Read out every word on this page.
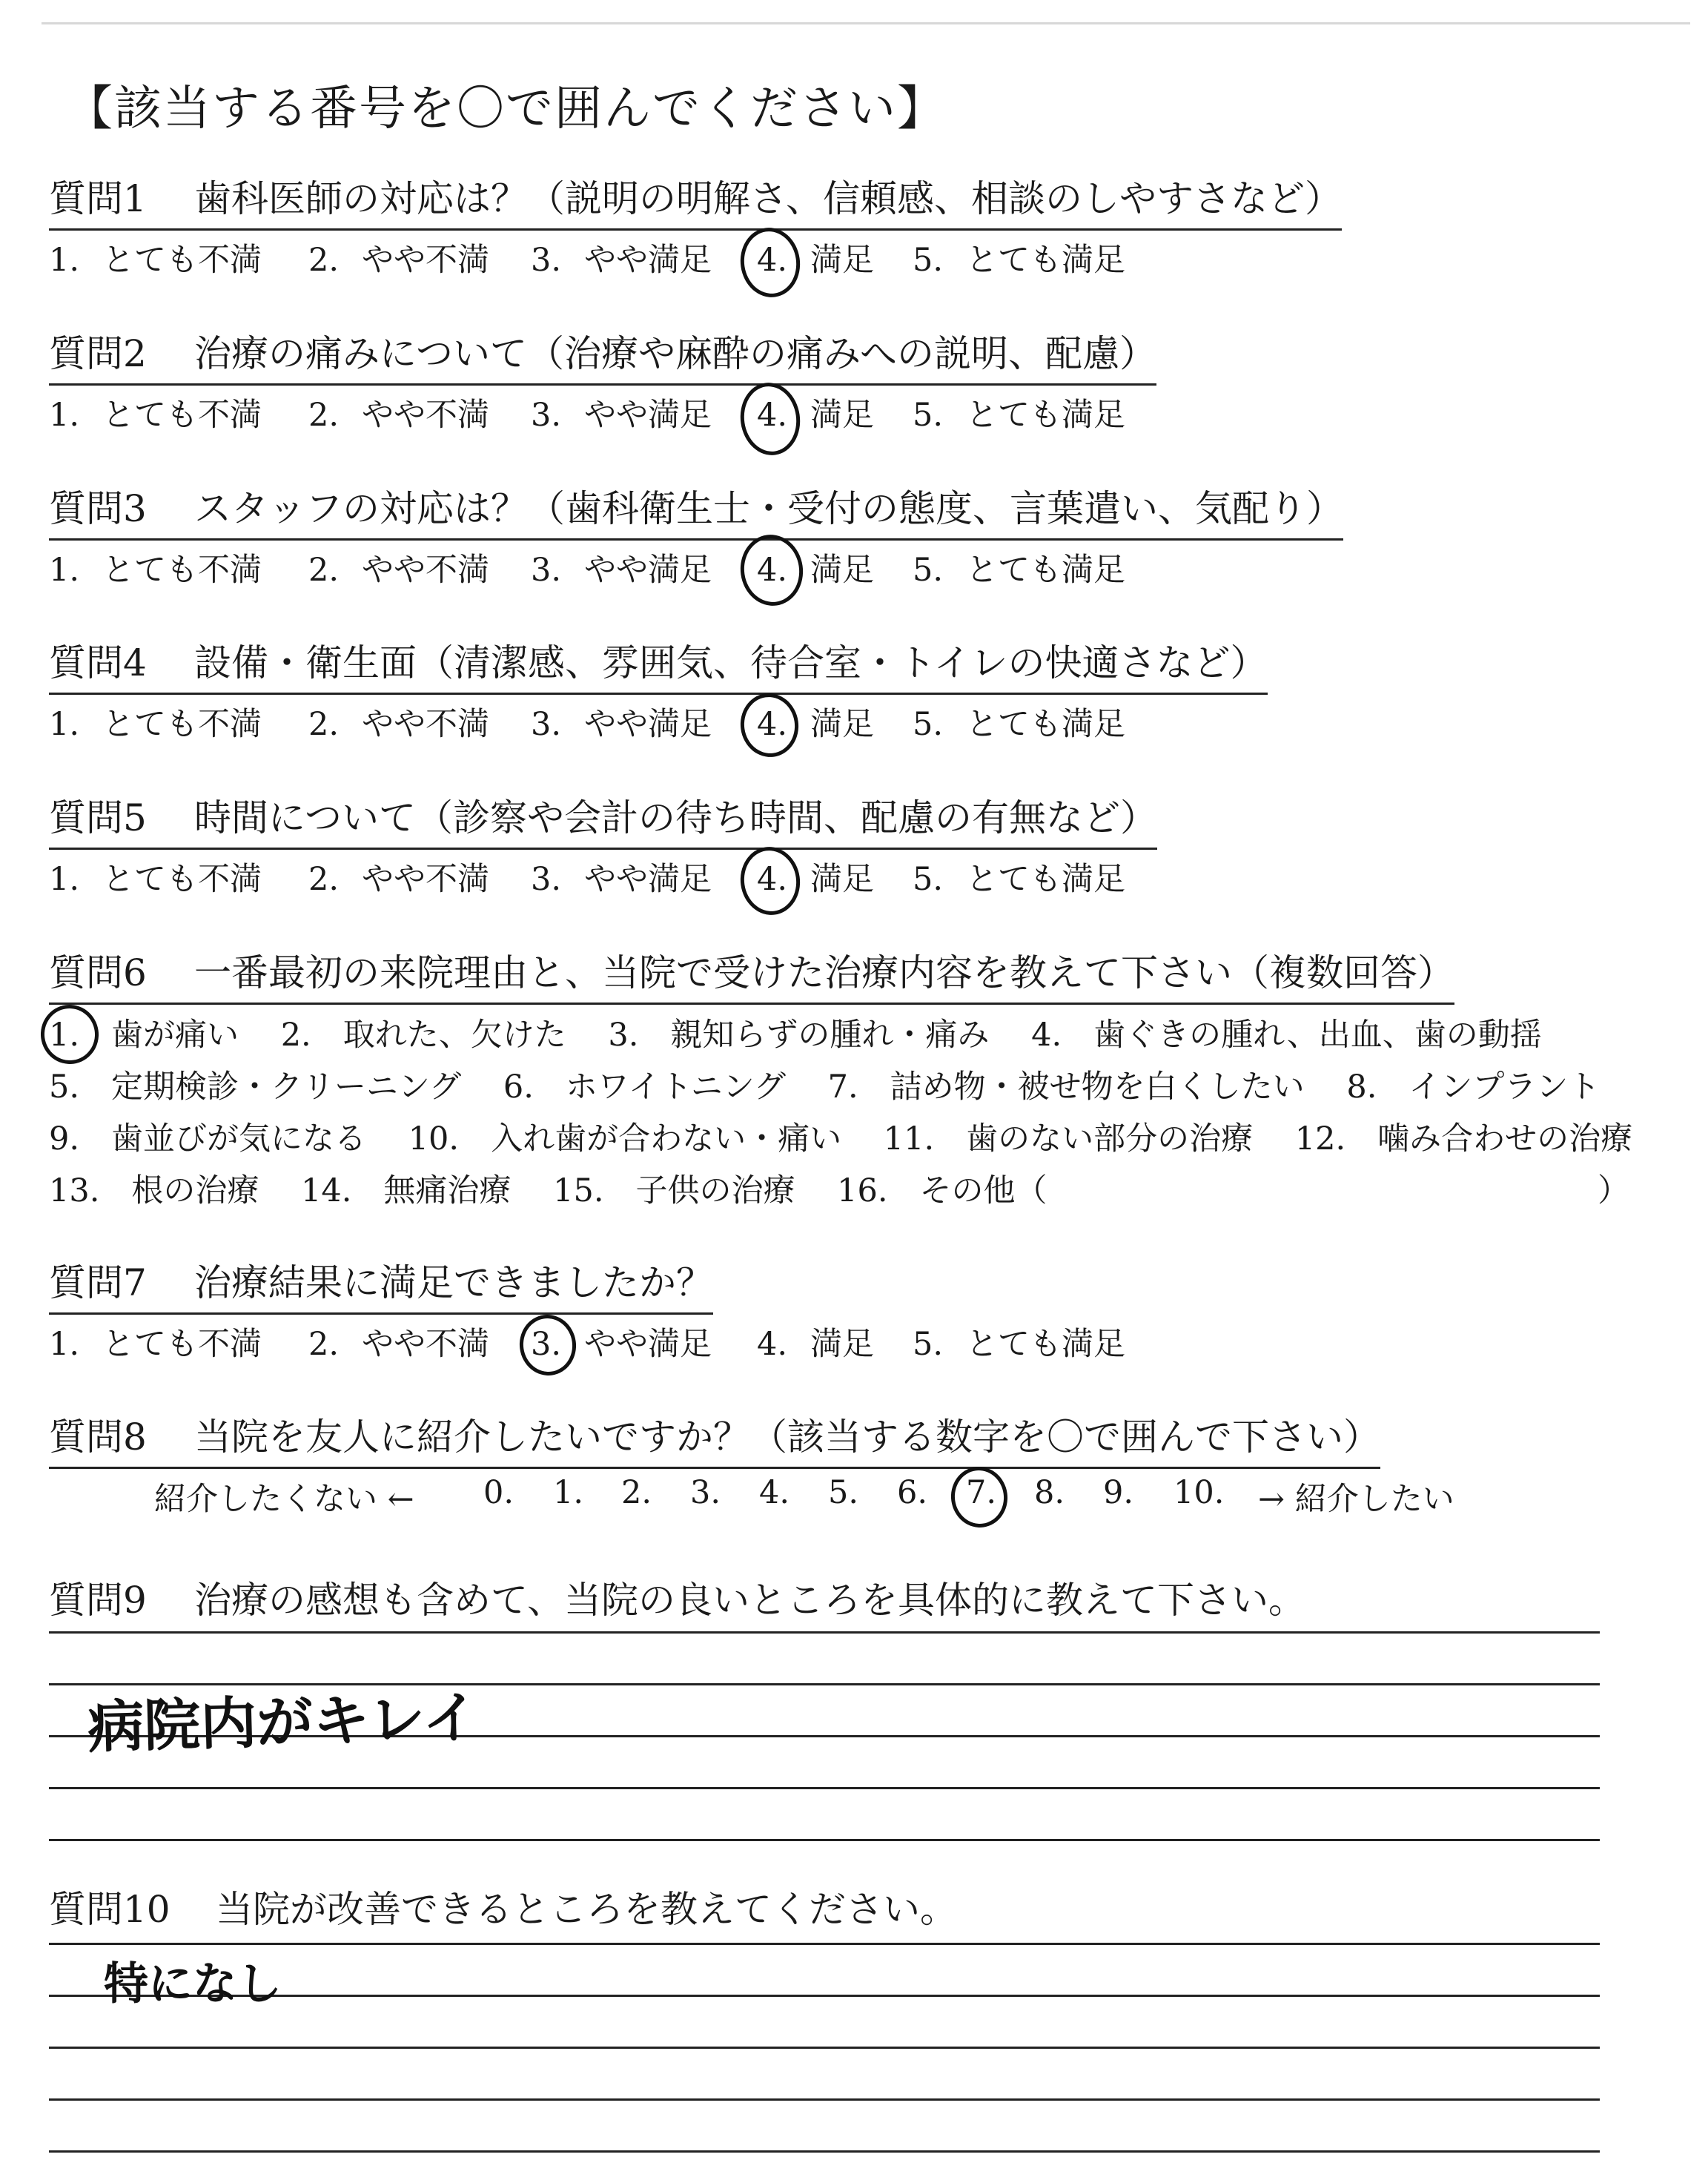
【該当する番号を〇で囲んでください】
質問1 歯科医師の対応は？（説明の明解さ、信頼感、相談のしやすさなど）
1. とても不満 2. やや不満 3. やや満足 4. 満足 5. とても満足
質問2 治療の痛みについて（治療や麻酔の痛みへの説明、配慮）
1. とても不満 2. やや不満 3. やや満足 4. 満足 5. とても満足
質問3 スタッフの対応は？（歯科衛生士・受付の態度、言葉遣い、気配り）
1. とても不満 2. やや不満 3. やや満足 4. 満足 5. とても満足
質問4 設備・衛生面（清潔感、雰囲気、待合室・トイレの快適さなど）
1. とても不満 2. やや不満 3. やや満足 4. 満足 5. とても満足
質問5 時間について（診察や会計の待ち時間、配慮の有無など）
1. とても不満 2. やや不満 3. やや満足 4. 満足 5. とても満足
質問6 一番最初の来院理由と、当院で受けた治療内容を教えて下さい（複数回答）
1.　歯が痛い　 2.　取れた、欠けた　 3.　親知らずの腫れ・痛み　 4.　歯ぐきの腫れ、出血、歯の動揺
5.　定期検診・クリーニング　 6.　ホワイトニング　 7.　詰め物・被せ物を白くしたい　 8.　インプラント
9.　歯並びが気になる　 10.　入れ歯が合わない・痛い　 11.　歯のない部分の治療　 12.　噛み合わせの治療
13.　根の治療　 14.　無痛治療　 15.　子供の治療　 16.　その他（	）
質問7 治療結果に満足できましたか？
1. とても不満 2. やや不満 3. やや満足 4. 満足 5. とても満足
質問8 当院を友人に紹介したいですか？（該当する数字を〇で囲んで下さい）
紹介したくない ← 0. 1. 2. 3. 4. 5. 6. 7. 8. 9. 10. → 紹介したい
質問9 治療の感想も含めて、当院の良いところを具体的に教えて下さい。
病院内がキレイ
質問10 当院が改善できるところを教えてください。
特になし
